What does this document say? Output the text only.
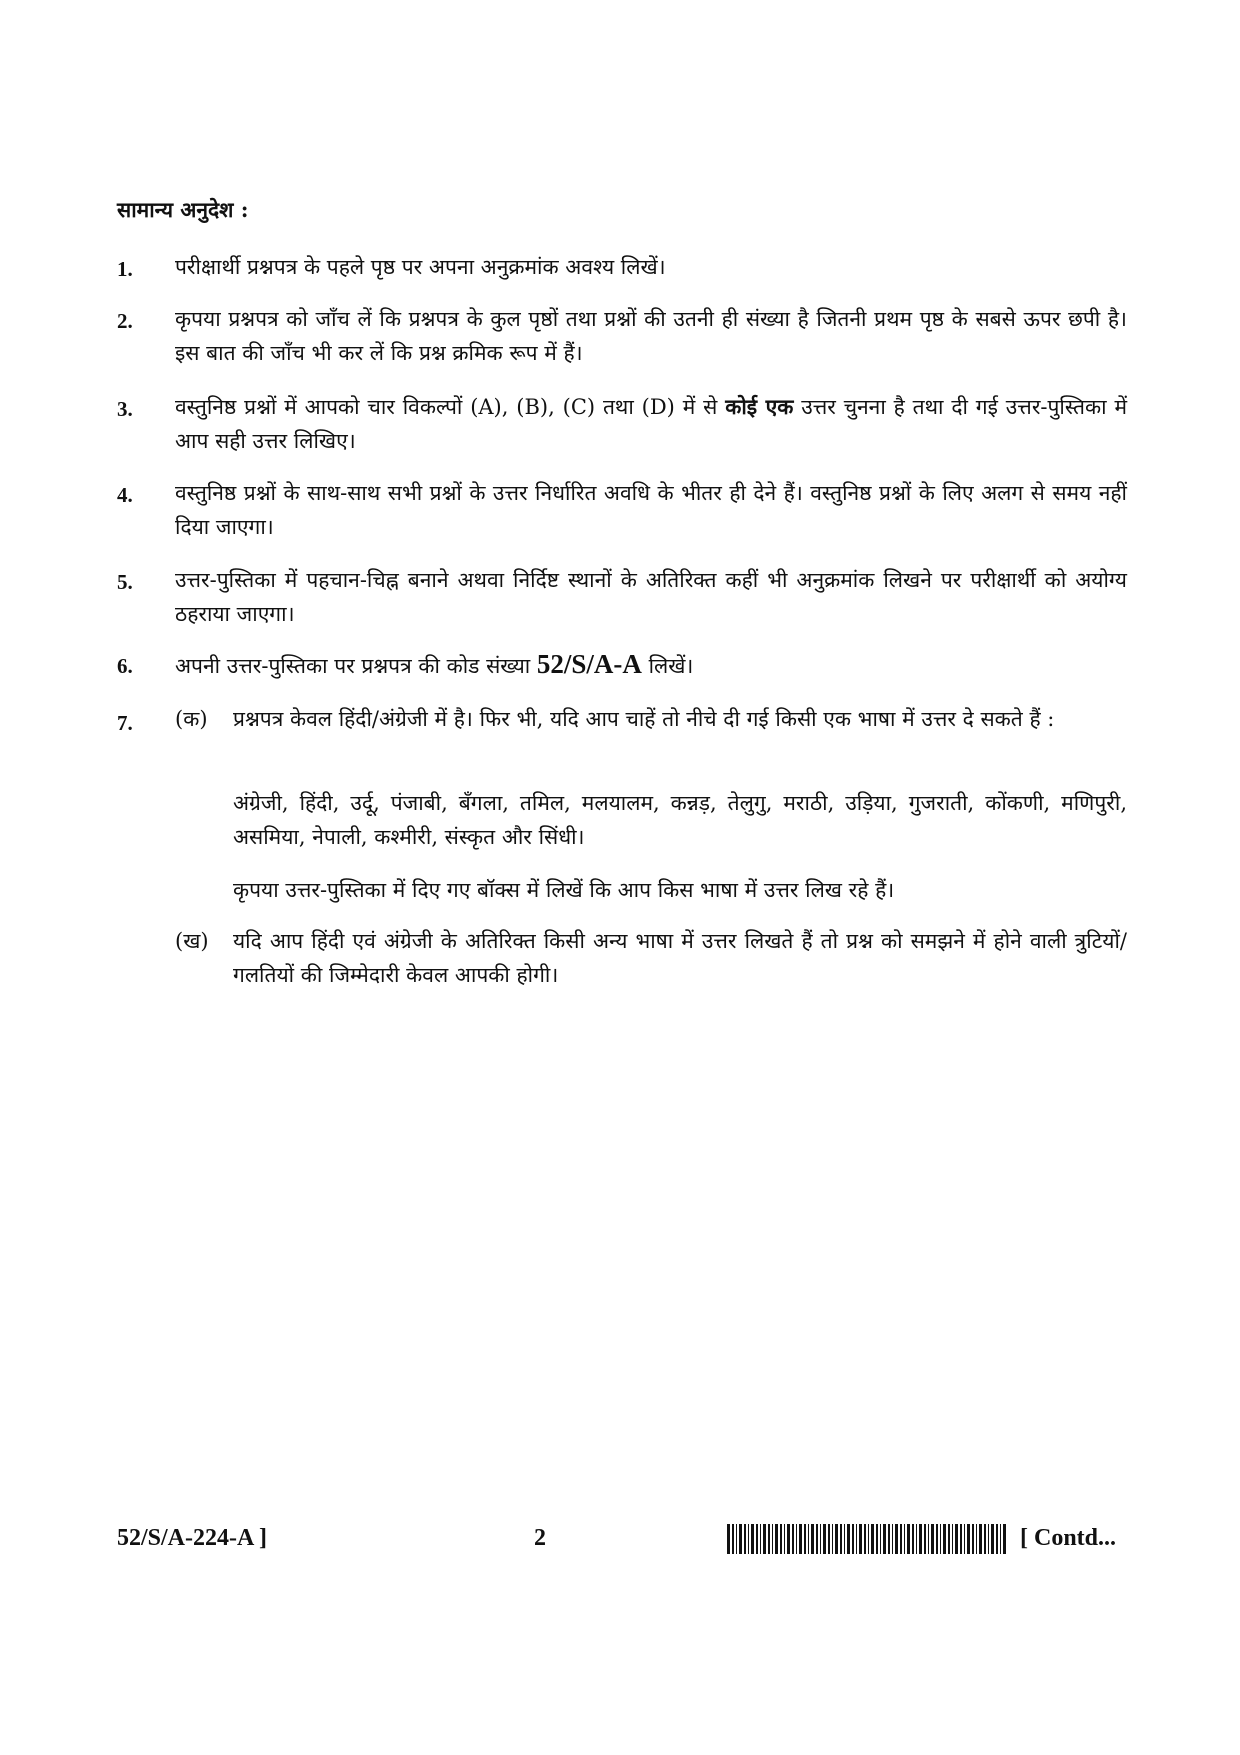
सामान्य अनुदेश :
1. परीक्षार्थी प्रश्नपत्र के पहले पृष्ठ पर अपना अनुक्रमांक अवश्य लिखें।
2. कृपया प्रश्नपत्र को जाँच लें कि प्रश्नपत्र के कुल पृष्ठों तथा प्रश्नों की उतनी ही संख्या है जितनी प्रथम पृष्ठ के सबसे ऊपर छपी है। इस बात की जाँच भी कर लें कि प्रश्न क्रमिक रूप में हैं।
3. वस्तुनिष्ठ प्रश्नों में आपको चार विकल्पों (A), (B), (C) तथा (D) में से कोई एक उत्तर चुनना है तथा दी गई उत्तर-पुस्तिका में आप सही उत्तर लिखिए।
4. वस्तुनिष्ठ प्रश्नों के साथ-साथ सभी प्रश्नों के उत्तर निर्धारित अवधि के भीतर ही देने हैं। वस्तुनिष्ठ प्रश्नों के लिए अलग से समय नहीं दिया जाएगा।
5. उत्तर-पुस्तिका में पहचान-चिह्न बनाने अथवा निर्दिष्ट स्थानों के अतिरिक्त कहीं भी अनुक्रमांक लिखने पर परीक्षार्थी को अयोग्य ठहराया जाएगा।
6. अपनी उत्तर-पुस्तिका पर प्रश्नपत्र की कोड संख्या 52/S/A-A लिखें।
7. (क) प्रश्नपत्र केवल हिंदी/अंग्रेजी में है। फिर भी, यदि आप चाहें तो नीचे दी गई किसी एक भाषा में उत्तर दे सकते हैं :
अंग्रेजी, हिंदी, उर्दू, पंजाबी, बँगला, तमिल, मलयालम, कन्नड़, तेलुगु, मराठी, उड़िया, गुजराती, कोंकणी, मणिपुरी, असमिया, नेपाली, कश्मीरी, संस्कृत और सिंधी।
कृपया उत्तर-पुस्तिका में दिए गए बॉक्स में लिखें कि आप किस भाषा में उत्तर लिख रहे हैं।
(ख) यदि आप हिंदी एवं अंग्रेजी के अतिरिक्त किसी अन्य भाषा में उत्तर लिखते हैं तो प्रश्न को समझने में होने वाली त्रुटियों/गलतियों की जिम्मेदारी केवल आपकी होगी।
52/S/A-224-A ]	2	[ Contd...
